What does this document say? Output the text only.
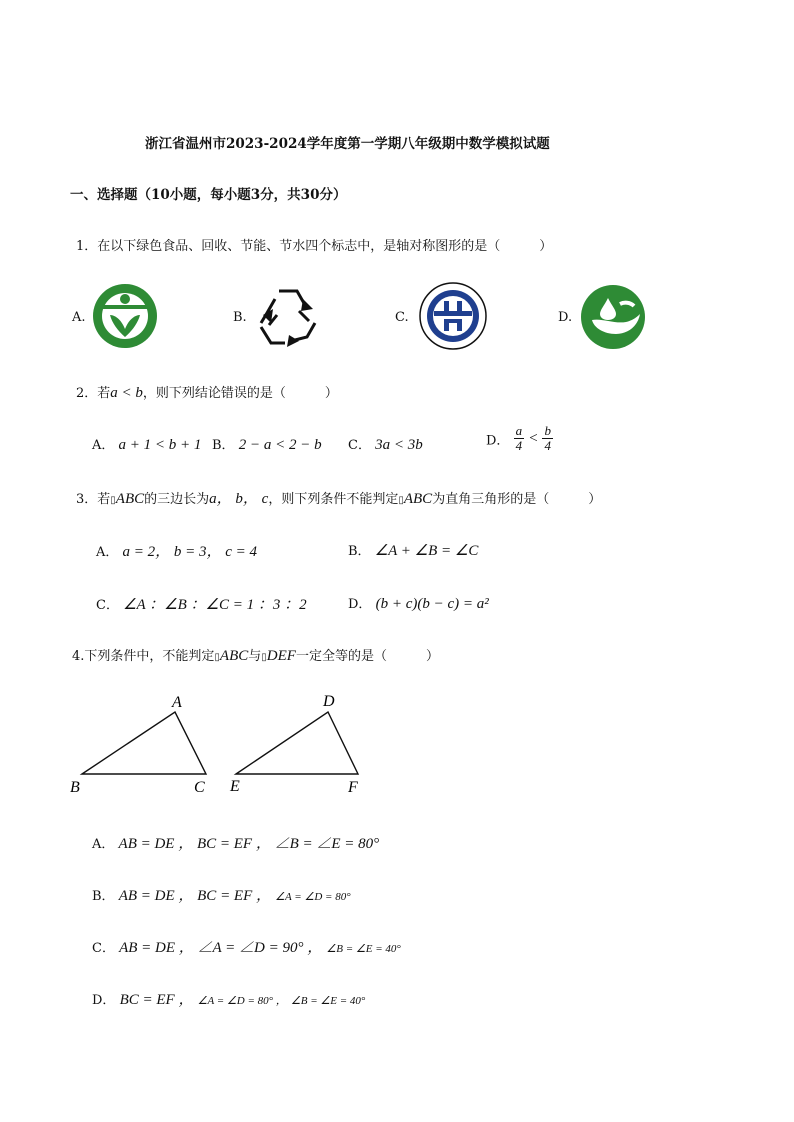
浙江省温州市2023-2024学年度第一学期八年级期中数学模拟试题
一、选择题（10小题，每小题3分，共30分）
1．在以下绿色食品、回收、节能、节水四个标志中，是轴对称图形的是（　　　）
A.	B.	C.	D.
2．若a < b，则下列结论错误的是（　　　）
A． a + 1 < b + 1 B． 2 − a < 2 − b C． 3a < 3b	D． $\frac{a}{4} < \frac{b}{4}$
3．若▯ABC的三边长为a， b， c，则下列条件不能判定▯ABC为直角三角形的是（　　　）
A． a = 2， b = 3， c = 4	B． ∠A + ∠B = ∠C
C． ∠A ：∠B ：∠C = 1 ：3 ：2	D． (b + c)(b − c) = a²
4.下列条件中，不能判定▯ABC与▯DEF一定全等的是（　　　）
A
B	C
D
E	F
A． AB = DE ， BC = EF ， ∠B = ∠E = 80°
B． AB = DE ， BC = EF ， ∠A = ∠D = 80°
C． AB = DE ， ∠A = ∠D = 90° ， ∠B = ∠E = 40°
D． BC = EF ， ∠A = ∠D = 80° ， ∠B = ∠E = 40°
